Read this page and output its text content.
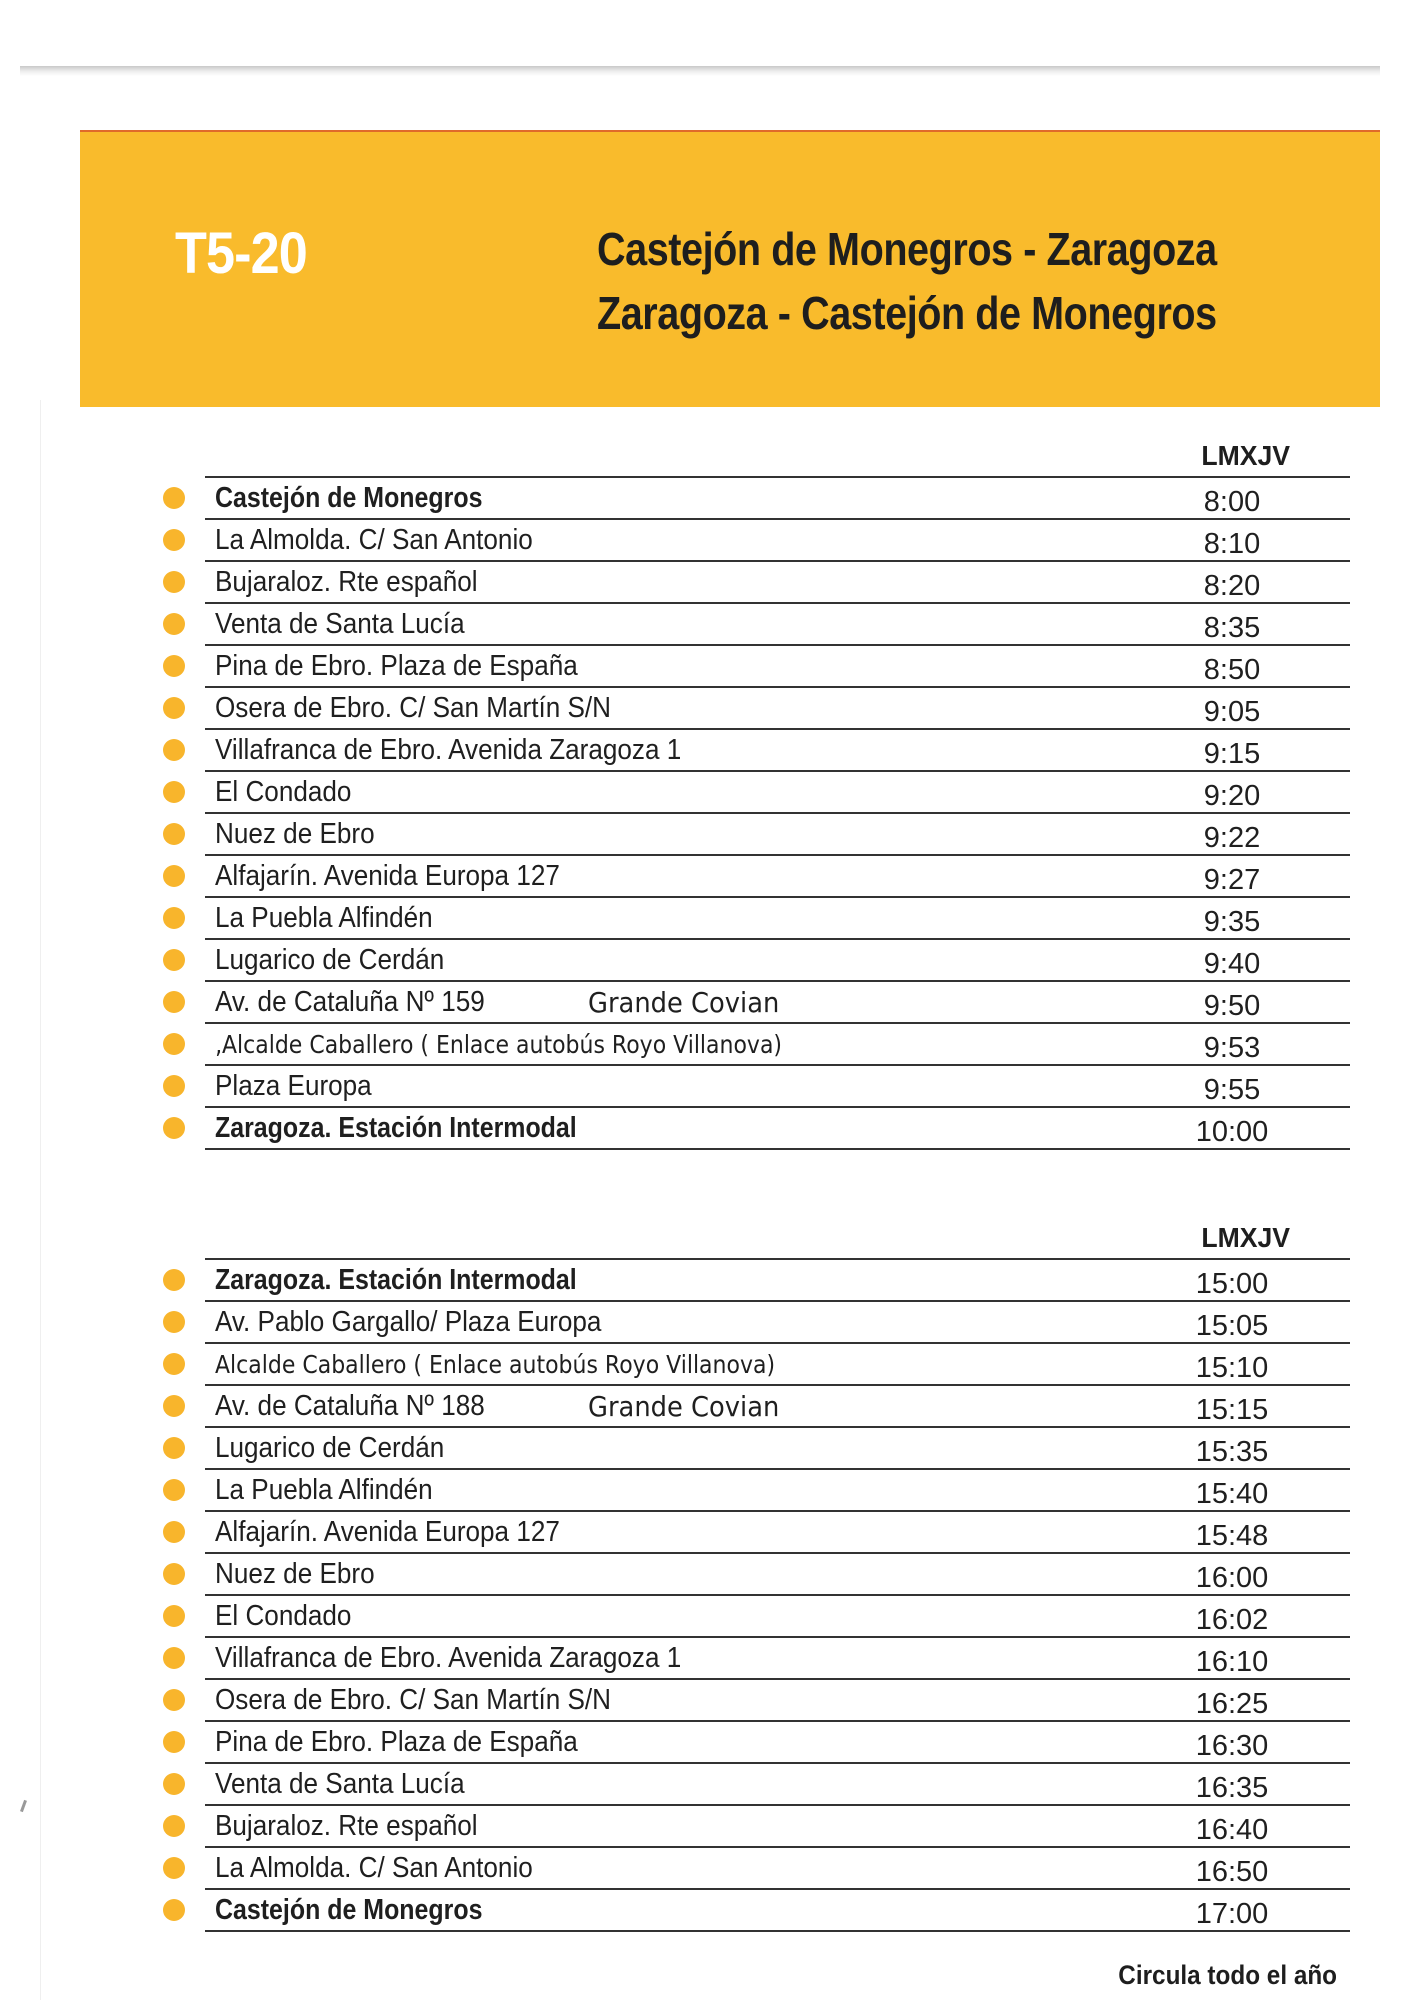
T5-20	Castejón de Monegros - Zaragoza
Zaragoza - Castejón de Monegros
LMXJV
Castejón de Monegros	8:00
La Almolda. C/ San Antonio	8:10
Bujaraloz. Rte español	8:20
Venta de Santa Lucía	8:35
Pina de Ebro. Plaza de España	8:50
Osera de Ebro. C/ San Martín S/N	9:05
Villafranca de Ebro. Avenida Zaragoza 1	9:15
El Condado	9:20
Nuez de Ebro	9:22
Alfajarín. Avenida Europa 127	9:27
La Puebla Alfindén	9:35
Lugarico de Cerdán	9:40
Av. de Cataluña Nº 159	Grande Covian	9:50
‚Alcalde Caballero ( Enlace autobús Royo Villanova)	9:53
Plaza Europa	9:55
Zaragoza. Estación Intermodal	10:00
LMXJV
Zaragoza. Estación Intermodal	15:00
Av. Pablo Gargallo/ Plaza Europa	15:05
Alcalde Caballero ( Enlace autobús Royo Villanova)	15:10
Av. de Cataluña Nº 188	Grande Covian	15:15
Lugarico de Cerdán	15:35
La Puebla Alfindén	15:40
Alfajarín. Avenida Europa 127	15:48
Nuez de Ebro	16:00
El Condado	16:02
Villafranca de Ebro. Avenida Zaragoza 1	16:10
Osera de Ebro. C/ San Martín S/N	16:25
Pina de Ebro. Plaza de España	16:30
Venta de Santa Lucía	16:35
Bujaraloz. Rte español	16:40
La Almolda. C/ San Antonio	16:50
Castejón de Monegros	17:00
Circula todo el año
